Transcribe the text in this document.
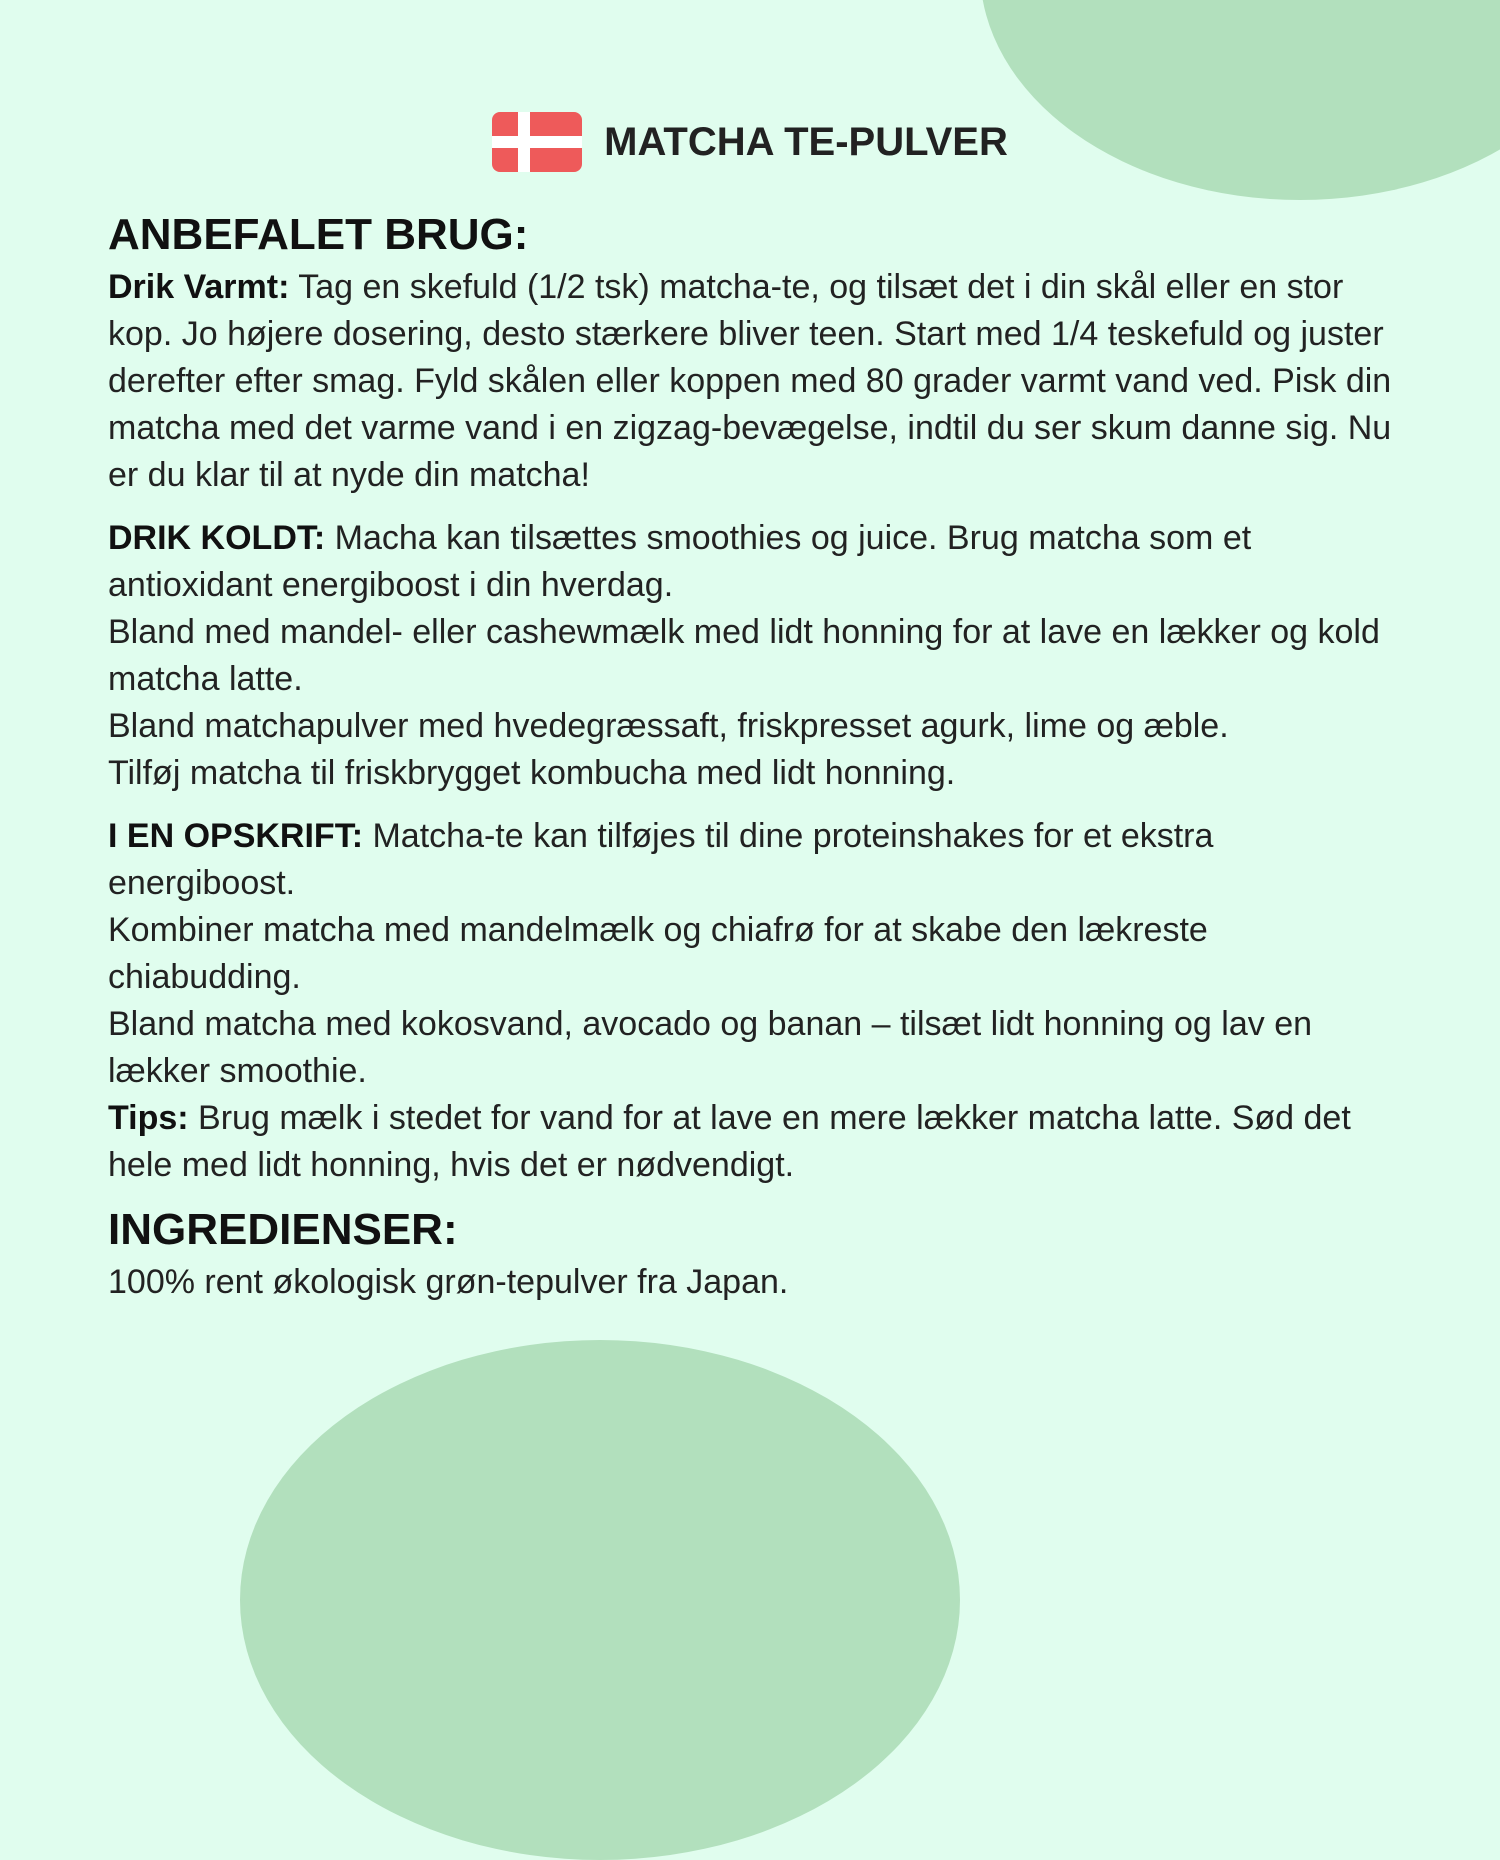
MATCHA TE-PULVER
ANBEFALET BRUG:

Drik Varmt: Tag en skefuld (1/2 tsk) matcha-te, og tilsæt det i din skål eller en stor kop. Jo højere dosering, desto stærkere bliver teen. Start med 1/4 teskefuld og juster derefter efter smag. Fyld skålen eller koppen med 80 grader varmt vand ved. Pisk din matcha med det varme vand i en zigzag-bevægelse, indtil du ser skum danne sig. Nu er du klar til at nyde din matcha!

DRIK KOLDT: Macha kan tilsættes smoothies og juice. Brug matcha som et antioxidant energiboost i din hverdag.

Bland med mandel- eller cashewmælk med lidt honning for at lave en lækker og kold matcha latte.

Bland matchapulver med hvedegræssaft, friskpresset agurk, lime og æble.

Tilføj matcha til friskbrygget kombucha med lidt honning.

I EN OPSKRIFT: Matcha-te kan tilføjes til dine proteinshakes for et ekstra energiboost.

Kombiner matcha med mandelmælk og chiafrø for at skabe den lækreste chiabudding.

Bland matcha med kokosvand, avocado og banan – tilsæt lidt honning og lav en lækker smoothie.

Tips: Brug mælk i stedet for vand for at lave en mere lækker matcha latte. Sød det hele med lidt honning, hvis det er nødvendigt.

INGREDIENSER:
100% rent økologisk grøn-tepulver fra Japan.
